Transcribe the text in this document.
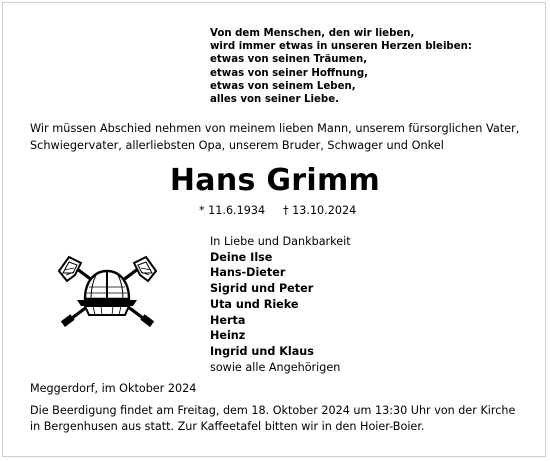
Von dem Menschen, den wir lieben,
wird immer etwas in unseren Herzen bleiben:
etwas von seinen Träumen,
etwas von seiner Hoffnung,
etwas von seinem Leben,
alles von seiner Liebe.
Wir müssen Abschied nehmen von meinem lieben Mann, unserem fürsorglichen Vater,
Schwiegervater, allerliebsten Opa, unserem Bruder, Schwager und Onkel
Hans Grimm
* 11.6.1934 † 13.10.2024
In Liebe und Dankbarkeit
Deine Ilse
Hans-Dieter
Sigrid und Peter
Uta und Rieke
Herta
Heinz
Ingrid und Klaus
sowie alle Angehörigen
Meggerdorf, im Oktober 2024
Die Beerdigung findet am Freitag, dem 18. Oktober 2024 um 13:30 Uhr von der Kirche
in Bergenhusen aus statt. Zur Kaffeetafel bitten wir in den Hoier-Boier.
